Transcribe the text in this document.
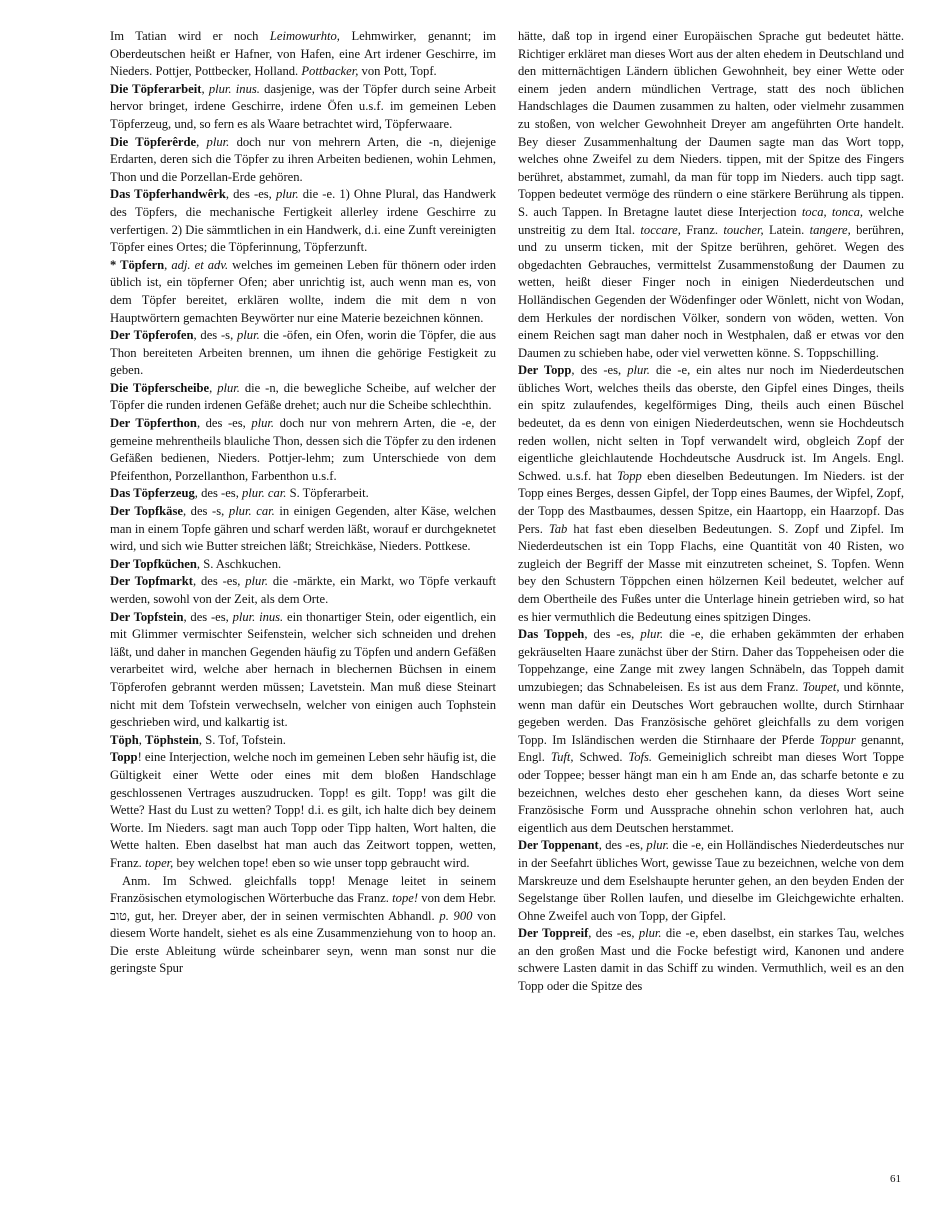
Im Tatian wird er noch Leimowurhto, Lehmwirker, genannt; im Oberdeutschen heißt er Hafner, von Hafen, eine Art irdener Geschirre, im Nieders. Pottjer, Pottbecker, Holland. Pottbacker, von Pott, Topf.

Die Töpferarbeit, plur. inus. dasjenige, was der Töpfer durch seine Arbeit hervor bringet, irdene Geschirre, irdene Öfen u.s.f. im gemeinen Leben Töpferzeug, und, so fern es als Waare betrachtet wird, Töpferwaare.

Die Töpferêrde, plur. doch nur von mehrern Arten, die -n, diejenige Erdarten, deren sich die Töpfer zu ihren Arbeiten bedienen, wohin Lehmen, Thon und die Porzellan-Erde gehören.

Das Töpferhandwêrk, des -es, plur. die -e. 1) Ohne Plural, das Handwerk des Töpfers, die mechanische Fertigkeit allerley irdene Geschirre zu verfertigen. 2) Die sämmtlichen in ein Handwerk, d.i. eine Zunft vereinigten Töpfer eines Ortes; die Töpferinnung, Töpferzunft.

* Töpfern, adj. et adv. welches im gemeinen Leben für thönern oder irden üblich ist, ein töpferner Ofen; aber unrichtig ist, auch wenn man es, von dem Töpfer bereitet, erklären wollte, indem die mit dem n von Hauptwörtern gemachten Beywörter nur eine Materie bezeichnen können.

Der Töpferofen, des -s, plur. die -öfen, ein Ofen, worin die Töpfer, die aus Thon bereiteten Arbeiten brennen, um ihnen die gehörige Festigkeit zu geben.

Die Töpferscheibe, plur. die -n, die bewegliche Scheibe, auf welcher der Töpfer die runden irdenen Gefäße drehet; auch nur die Scheibe schlechthin.

Der Töpferthon, des -es, plur. doch nur von mehrern Arten, die -e, der gemeine mehrentheils blauliche Thon, dessen sich die Töpfer zu den irdenen Gefäßen bedienen, Nieders. Pottjer-lehm; zum Unterschiede von dem Pfeifenthon, Porzellanthon, Farbenthon u.s.f.

Das Töpferzeug, des -es, plur. car. S. Töpferarbeit.

Der Topfkäse, des -s, plur. car. in einigen Gegenden, alter Käse, welchen man in einem Topfe gähren und scharf werden läßt, worauf er durchgeknetet wird, und sich wie Butter streichen läßt; Streichkäse, Nieders. Pottkese.

Der Topfküchen, S. Aschkuchen.

Der Topfmarkt, des -es, plur. die -märkte, ein Markt, wo Töpfe verkauft werden, sowohl von der Zeit, als dem Orte.

Der Topfstein, des -es, plur. inus. ein thonartiger Stein, oder eigentlich, ein mit Glimmer vermischter Seifenstein, welcher sich schneiden und drehen läßt, und daher in manchen Gegenden häufig zu Töpfen und andern Gefäßen verarbeitet wird, welche aber hernach in blechernen Büchsen in einem Töpferofen gebrannt werden müssen; Lavetstein. Man muß diese Steinart nicht mit dem Tofstein verwechseln, welcher von einigen auch Tophstein geschrieben wird, und kalkartig ist.

Töph, Töphstein, S. Tof, Tofstein.

Topp! eine Interjection, welche noch im gemeinen Leben sehr häufig ist, die Gültigkeit einer Wette oder eines mit dem bloßen Handschlage geschlossenen Vertrages auszudrucken. Topp! es gilt. Topp! was gilt die Wette? Hast du Lust zu wetten? Topp! d.i. es gilt, ich halte dich bey deinem Worte. Im Nieders. sagt man auch Topp oder Tipp halten, Wort halten, die Wette halten. Eben daselbst hat man auch das Zeitwort toppen, wetten, Franz. toper, bey welchen tope! eben so wie unser topp gebraucht wird.

Anm. Im Schwed. gleichfalls topp! Menage leitet in seinem Französischen etymologischen Wörterbuche das Franz. tope! von dem Hebr. טוב, gut, her. Dreyer aber, der in seinen vermischten Abhandl. p. 900 von diesem Worte handelt, siehet es als eine Zusammenziehung von to hoop an. Die erste Ableitung würde scheinbarer seyn, wenn man sonst nur die geringste Spur

hätte, daß top in irgend einer Europäischen Sprache gut bedeutet hätte. Richtiger erkläret man dieses Wort aus der alten ehedem in Deutschland und den mitternächtigen Ländern üblichen Gewohnheit, bey einer Wette oder einem jeden andern mündlichen Vertrage, statt des noch üblichen Handschlages die Daumen zusammen zu halten, oder vielmehr zusammen zu stoßen, von welcher Gewohnheit Dreyer am angeführten Orte handelt. Bey dieser Zusammenhaltung der Daumen sagte man das Wort topp, welches ohne Zweifel zu dem Nieders. tippen, mit der Spitze des Fingers berühret, abstammet, zumahl, da man für topp im Nieders. auch tipp sagt. Toppen bedeutet vermöge des ründern o eine stärkere Berührung als tippen. S. auch Tappen. In Bretagne lautet diese Interjection toca, tonca, welche unstreitig zu dem Ital. toccare, Franz. toucher, Latein. tangere, berühren, und zu unserm ticken, mit der Spitze berühren, gehöret. Wegen des obgedachten Gebrauches, vermittelst Zusammenstoßung der Daumen zu wetten, heißt dieser Finger noch in einigen Niederdeutschen und Holländischen Gegenden der Wödenfinger oder Wönlett, nicht von Wodan, dem Herkules der nordischen Völker, sondern von wöden, wetten. Von einem Reichen sagt man daher noch in Westphalen, daß er etwas vor den Daumen zu schieben habe, oder viel verwetten könne. S. Toppschilling.

Der Topp, des -es, plur. die -e, ein altes nur noch im Niederdeutschen übliches Wort, welches theils das oberste, den Gipfel eines Dinges, theils ein spitz zulaufendes, kegelförmiges Ding, theils auch einen Büschel bedeutet, da es denn von einigen Niederdeutschen, wenn sie Hochdeutsch reden wollen, nicht selten in Topf verwandelt wird, obgleich Zopf der eigentliche gleichlautende Hochdeutsche Ausdruck ist. Im Angels. Engl. Schwed. u.s.f. hat Topp eben dieselben Bedeutungen. Im Nieders. ist der Topp eines Berges, dessen Gipfel, der Topp eines Baumes, der Wipfel, Zopf, der Topp des Mastbaumes, dessen Spitze, ein Haartopp, ein Haarzopf. Das Pers. Tab hat fast eben dieselben Bedeutungen. S. Zopf und Zipfel. Im Niederdeutschen ist ein Topp Flachs, eine Quantität von 40 Risten, wo zugleich der Begriff der Masse mit einzutreten scheinet, S. Topfen. Wenn bey den Schustern Töppchen einen hölzernen Keil bedeutet, welcher auf dem Obertheile des Fußes unter die Unterlage hinein getrieben wird, so hat es hier vermuthlich die Bedeutung eines spitzigen Dinges.

Das Toppeh, des -es, plur. die -e, die erhaben gekämmten der erhaben gekräuselten Haare zunächst über der Stirn. Daher das Toppeheisen oder die Toppehzange, eine Zange mit zwey langen Schnäbeln, das Toppeh damit umzubiegen; das Schnabeleisen. Es ist aus dem Franz. Toupet, und könnte, wenn man dafür ein Deutsches Wort gebrauchen wollte, durch Stirnhaar gegeben werden. Das Französische gehöret gleichfalls zu dem vorigen Topp. Im Isländischen werden die Stirnhaare der Pferde Toppur genannt, Engl. Tuft, Schwed. Tofs. Gemeiniglich schreibt man dieses Wort Toppe oder Toppee; besser hängt man ein h am Ende an, das scharfe betonte e zu bezeichnen, welches desto eher geschehen kann, da dieses Wort seine Französische Form und Aussprache ohnehin schon verlohren hat, auch eigentlich aus dem Deutschen herstammet.

Der Toppenant, des -es, plur. die -e, ein Holländisches Niederdeutsches nur in der Seefahrt übliches Wort, gewisse Taue zu bezeichnen, welche von dem Marskreuze und dem Eselshaupte herunter gehen, an den beyden Enden der Segelstange über Rollen laufen, und dieselbe im Gleichgewichte erhalten. Ohne Zweifel auch von Topp, der Gipfel.

Der Toppreif, des -es, plur. die -e, eben daselbst, ein starkes Tau, welches an den großen Mast und die Focke befestigt wird, Kanonen und andere schwere Lasten damit in das Schiff zu winden. Vermuthlich, weil es an den Topp oder die Spitze des

61
